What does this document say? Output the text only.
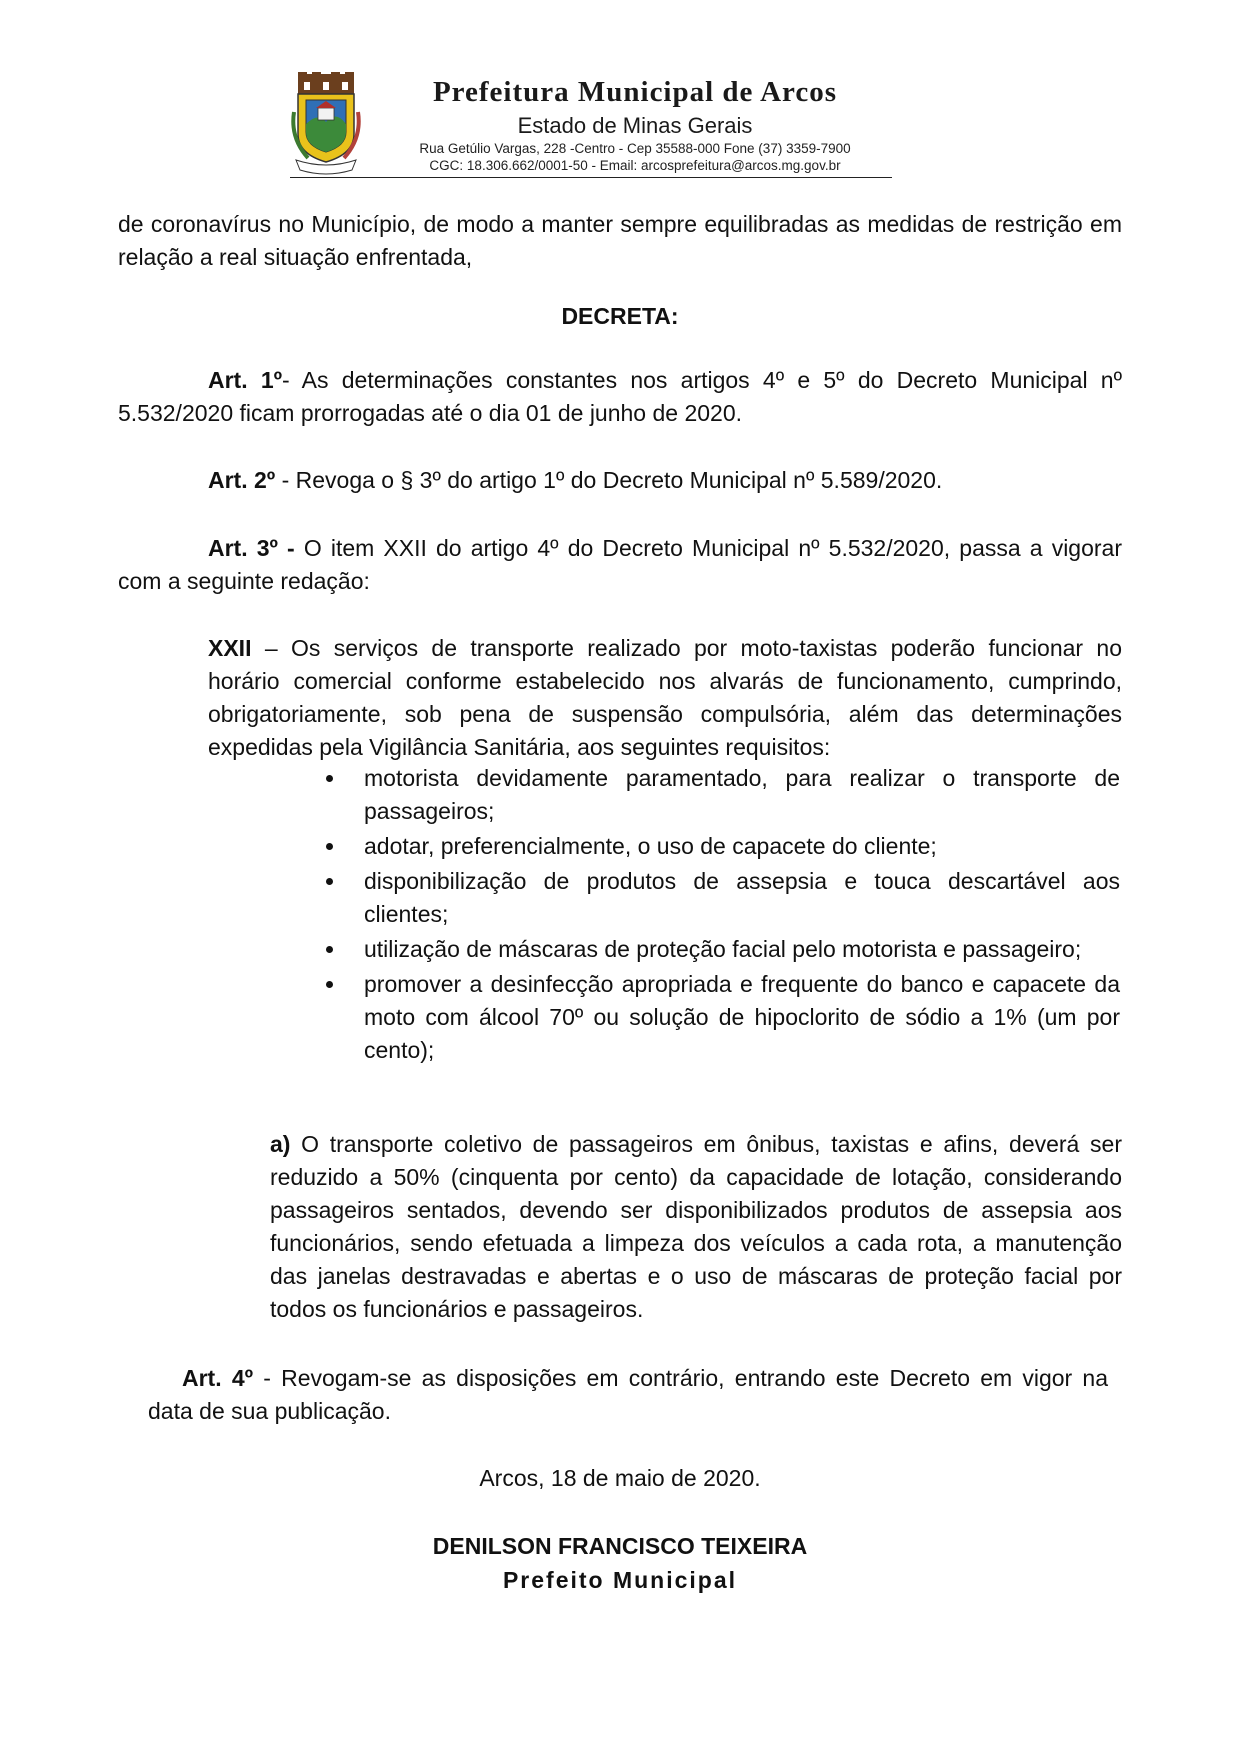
Prefeitura Municipal de Arcos
Estado de Minas Gerais
Rua Getúlio Vargas, 228 -Centro - Cep 35588-000 Fone (37) 3359-7900
CGC: 18.306.662/0001-50 - Email: arcosprefeitura@arcos.mg.gov.br
de coronavírus no Município, de modo a manter sempre equilibradas as medidas de restrição em relação a real situação enfrentada,
DECRETA:
Art. 1º- As determinações constantes nos artigos 4º e 5º do Decreto Municipal nº 5.532/2020 ficam prorrogadas até o dia 01 de junho de 2020.
Art. 2º - Revoga o § 3º do artigo 1º do Decreto Municipal nº 5.589/2020.
Art. 3º - O item XXII do artigo 4º do Decreto Municipal nº 5.532/2020, passa a vigorar com a seguinte redação:
XXII – Os serviços de transporte realizado por moto-taxistas poderão funcionar no horário comercial conforme estabelecido nos alvarás de funcionamento, cumprindo, obrigatoriamente, sob pena de suspensão compulsória, além das determinações expedidas pela Vigilância Sanitária, aos seguintes requisitos:
motorista devidamente paramentado, para realizar o transporte de passageiros;
adotar, preferencialmente, o uso de capacete do cliente;
disponibilização de produtos de assepsia e touca descartável aos clientes;
utilização de máscaras de proteção facial pelo motorista e passageiro;
promover a desinfecção apropriada e frequente do banco e capacete da moto com álcool 70º ou solução de hipoclorito de sódio a 1% (um por cento);
a) O transporte coletivo de passageiros em ônibus, taxistas e afins, deverá ser reduzido a 50% (cinquenta por cento) da capacidade de lotação, considerando passageiros sentados, devendo ser disponibilizados produtos de assepsia aos funcionários, sendo efetuada a limpeza dos veículos a cada rota, a manutenção das janelas destravadas e abertas e o uso de máscaras de proteção facial por todos os funcionários e passageiros.
Art. 4º - Revogam-se as disposições em contrário, entrando este Decreto em vigor na data de sua publicação.
Arcos, 18 de maio de 2020.
DENILSON FRANCISCO TEIXEIRA
Prefeito Municipal
